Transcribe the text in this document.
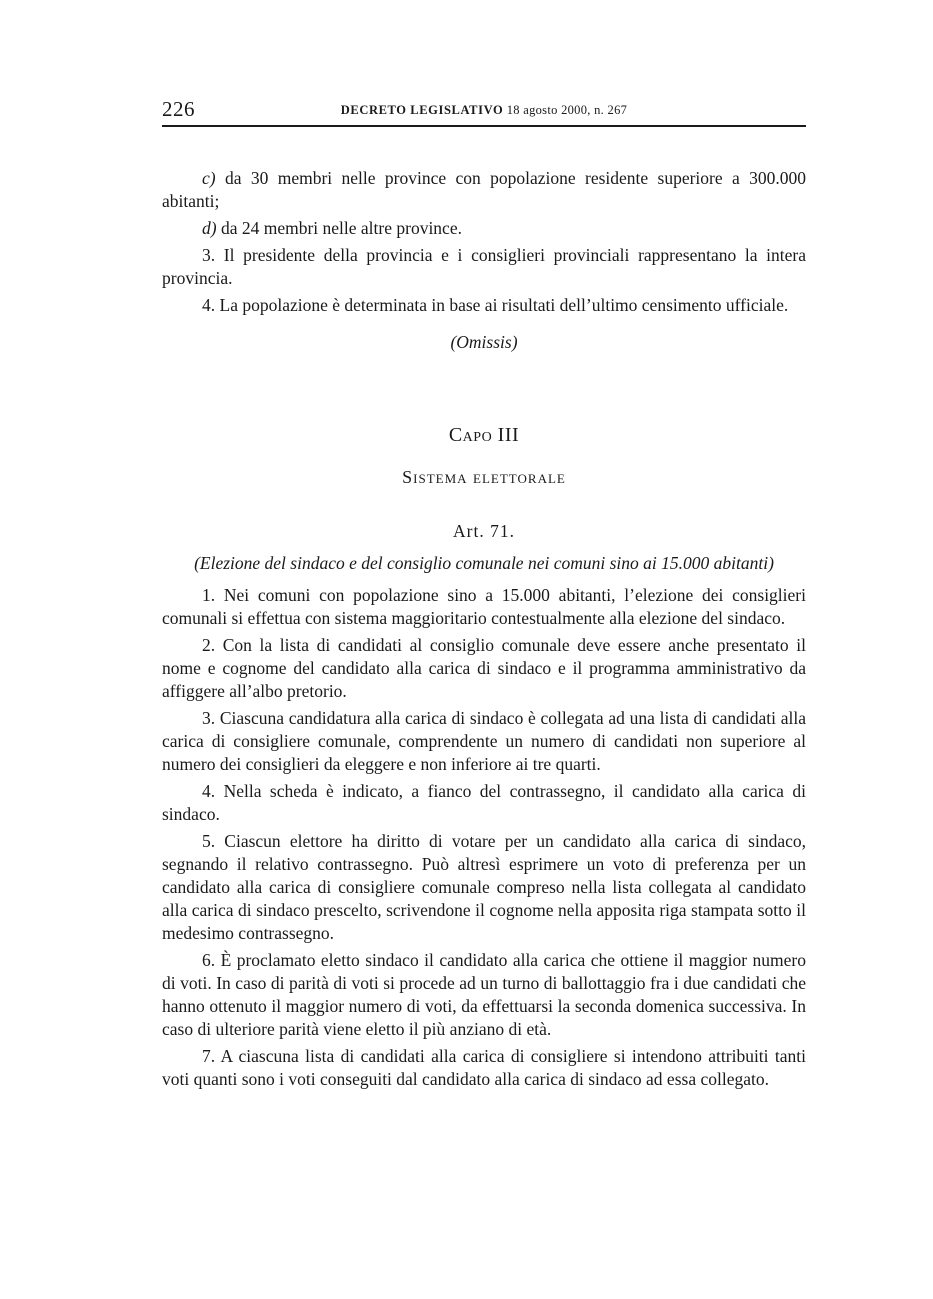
226	DECRETO LEGISLATIVO 18 agosto 2000, n. 267

c) da 30 membri nelle province con popolazione residente superiore a 300.000 abitanti;

d) da 24 membri nelle altre province.

3. Il presidente della provincia e i consiglieri provinciali rappresentano la intera provincia.

4. La popolazione è determinata in base ai risultati dell’ultimo censimento ufficiale.

(Omissis)

Capo III

Sistema elettorale

Art. 71.

(Elezione del sindaco e del consiglio comunale nei comuni sino ai 15.000 abitanti)

1. Nei comuni con popolazione sino a 15.000 abitanti, l’elezione dei consiglieri comunali si effettua con sistema maggioritario contestualmente alla elezione del sindaco.

2. Con la lista di candidati al consiglio comunale deve essere anche presentato il nome e cognome del candidato alla carica di sindaco e il programma amministrativo da affiggere all’albo pretorio.

3. Ciascuna candidatura alla carica di sindaco è collegata ad una lista di candidati alla carica di consigliere comunale, comprendente un numero di candidati non superiore al numero dei consiglieri da eleggere e non inferiore ai tre quarti.

4. Nella scheda è indicato, a fianco del contrassegno, il candidato alla carica di sindaco.

5. Ciascun elettore ha diritto di votare per un candidato alla carica di sindaco, segnando il relativo contrassegno. Può altresì esprimere un voto di preferenza per un candidato alla carica di consigliere comunale compreso nella lista collegata al candidato alla carica di sindaco prescelto, scrivendone il cognome nella apposita riga stampata sotto il medesimo contrassegno.

6. È proclamato eletto sindaco il candidato alla carica che ottiene il maggior numero di voti. In caso di parità di voti si procede ad un turno di ballottaggio fra i due candidati che hanno ottenuto il maggior numero di voti, da effettuarsi la seconda domenica successiva. In caso di ulteriore parità viene eletto il più anziano di età.

7. A ciascuna lista di candidati alla carica di consigliere si intendono attribuiti tanti voti quanti sono i voti conseguiti dal candidato alla carica di sindaco ad essa collegato.
